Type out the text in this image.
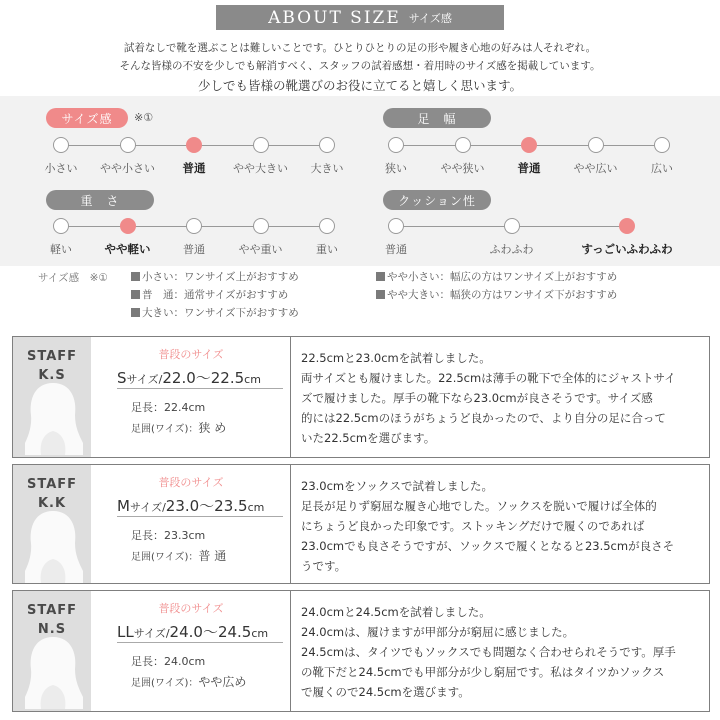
ABOUT SIZE サイズ感
試着なしで靴を選ぶことは難しいことです。ひとりひとりの足の形や履き心地の好みは人それぞれ。
そんな皆様の不安を少しでも解消すべく、スタッフの試着感想・着用時のサイズ感を掲載しています。
少しでも皆様の靴選びのお役に立てると嬉しく思います。
サイズ感	※①	足　幅
重　さ	クッション性
小さい やや小さい 普通	やや大きい 大きい	狭い	やや狭い	普通	やや広い	広い
軽い	やや軽い	普通	やや重い	重い	普通	ふわふわ	すっごいふわふわ
サイズ感　※①	小さい：ワンサイズ上がおすすめ
普　通：通常サイズがおすすめ
大きい：ワンサイズ下がおすすめ
やや小さい：幅広の方はワンサイズ上がおすすめ
やや大きい：幅狭の方はワンサイズ下がおすすめ
STAFF
K.S
普段のサイズ
Sサイズ/22.0〜22.5cm
足長：22.4cm
足囲(ワイズ)：狭 め
22.5cmと23.0cmを試着しました。
両サイズとも履けました。22.5cmは薄手の靴下で全体的にジャストサイ
ズで履けました。厚手の靴下なら23.0cmが良さそうです。サイズ感
的には22.5cmのほうがちょうど良かったので、より自分の足に合って
いた22.5cmを選びます。
STAFF
K.K
普段のサイズ
Mサイズ/23.0〜23.5cm
足長：23.3cm
足囲(ワイズ)：普 通
23.0cmをソックスで試着しました。
足長が足りず窮屈な履き心地でした。ソックスを脱いで履けば全体的
にちょうど良かった印象です。ストッキングだけで履くのであれば
23.0cmでも良さそうですが、ソックスで履くとなると23.5cmが良さそ
うです。
STAFF
N.S
普段のサイズ
LLサイズ/24.0〜24.5cm
足長：24.0cm
足囲(ワイズ)：やや広め
24.0cmと24.5cmを試着しました。
24.0cmは、履けますが甲部分が窮屈に感じました。
24.5cmは、タイツでもソックスでも問題なく合わせられそうです。厚手
の靴下だと24.5cmでも甲部分が少し窮屈です。私はタイツかソックス
で履くので24.5cmを選びます。
